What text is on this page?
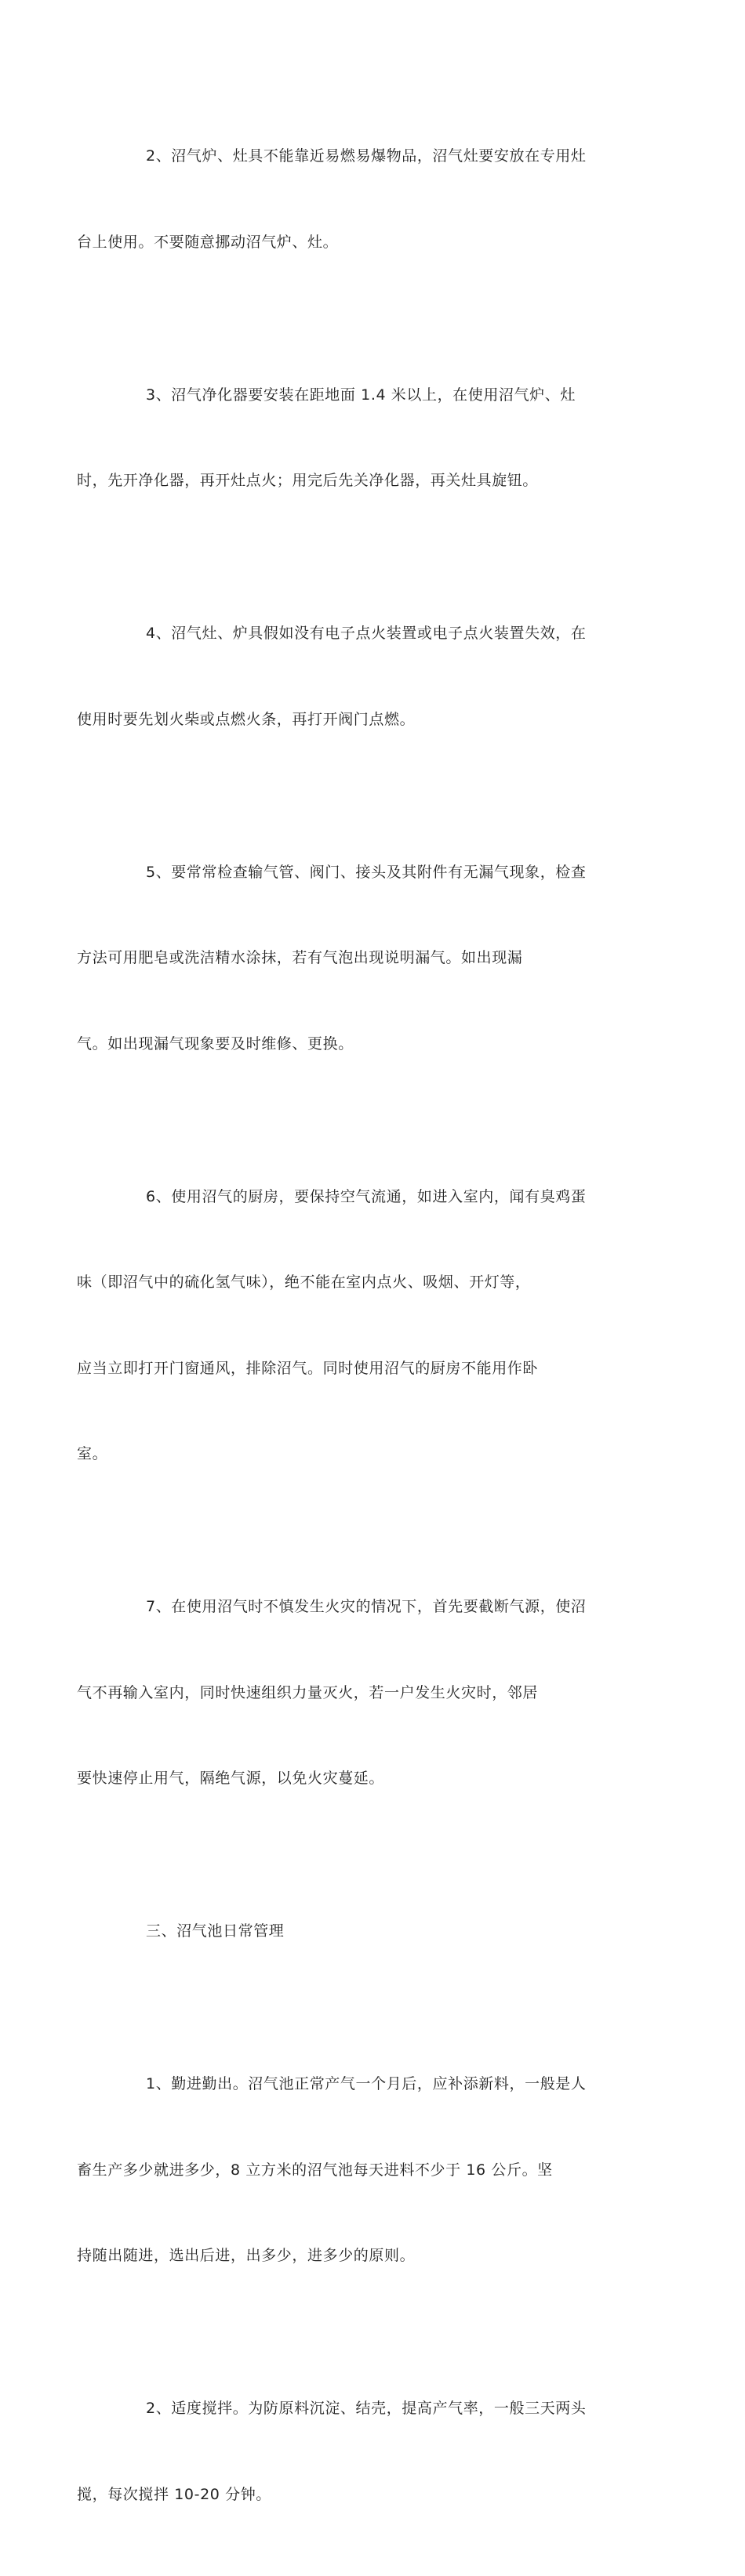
2、沼气炉、灶具不能靠近易燃易爆物品，沼气灶要安放在专用灶

台上使用。不要随意挪动沼气炉、灶。

3、沼气净化器要安装在距地面 1.4 米以上，在使用沼气炉、灶

时，先开净化器，再开灶点火；用完后先关净化器，再关灶具旋钮。

4、沼气灶、炉具假如没有电子点火装置或电子点火装置失效，在

使用时要先划火柴或点燃火条，再打开阀门点燃。

5、要常常检查输气管、阀门、接头及其附件有无漏气现象，检查

方法可用肥皂或洗洁精水涂抹，若有气泡出现说明漏气。如出现漏

气。如出现漏气现象要及时维修、更换。

6、使用沼气的厨房，要保持空气流通，如进入室内，闻有臭鸡蛋

味（即沼气中的硫化氢气味），绝不能在室内点火、吸烟、开灯等，

应当立即打开门窗通风，排除沼气。同时使用沼气的厨房不能用作卧

室。

7、在使用沼气时不慎发生火灾的情况下，首先要截断气源，使沼

气不再输入室内，同时快速组织力量灭火，若一户发生火灾时，邻居

要快速停止用气，隔绝气源，以免火灾蔓延。

三、沼气池日常管理

1、勤进勤出。沼气池正常产气一个月后，应补添新料，一般是人

畜生产多少就进多少，8 立方米的沼气池每天进料不少于 16 公斤。坚

持随出随进，选出后进，出多少，进多少的原则。

2、适度搅拌。为防原料沉淀、结壳，提高产气率，一般三天两头

搅，每次搅拌 10-20 分钟。
